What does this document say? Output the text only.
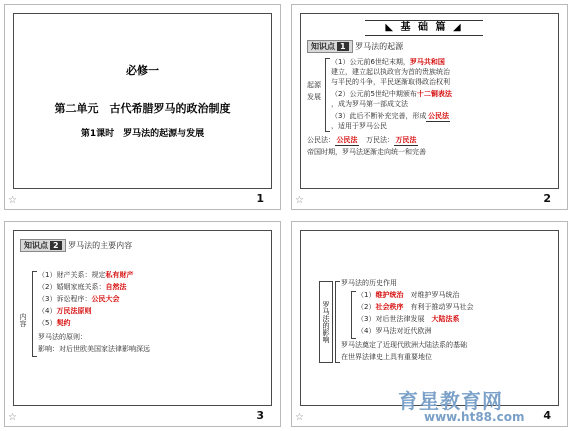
必修一
第二单元　古代希腊罗马的政治制度
第1课时　罗马法的起源与发展
☆	1
◣ 基 础 篇 ◢
知识点 1 罗马法的起源
起源
发展
（1）公元前6世纪末期，罗马共和国
建立，建立起以执政官为首的贵族统治
与平民的斗争，平民逐渐取得政治权利
（2）公元前5世纪中期颁布十二铜表法
，成为罗马第一部成文法
（3）此后不断补充完善，形成 公民法
，适用于罗马公民
公民法： 公民法　 万民法： 万民法
帝国时期，罗马法逐渐走向统一和完善
☆	2
知识点 2 罗马法的主要内容
内容
（1）财产关系：规定私有财产
（2）婚姻家庭关系：自然法
（3）诉讼程序：公民大会
（4）万民法原则
（5）契约
罗马法的原则：
影响：对后世欧美国家法律影响深远
☆	3
罗马法的影响
罗马法的历史作用
（1）维护统治　 对维护罗马统治
（2）社会秩序　 有利于推动罗马社会
（3）对后世法律发展　 大陆法系
（4）罗马法对近代欧洲
罗马法奠定了近现代欧洲大陆法系的基础
在世界法律史上具有重要地位
☆	4
育星教育网
www.ht88.com
